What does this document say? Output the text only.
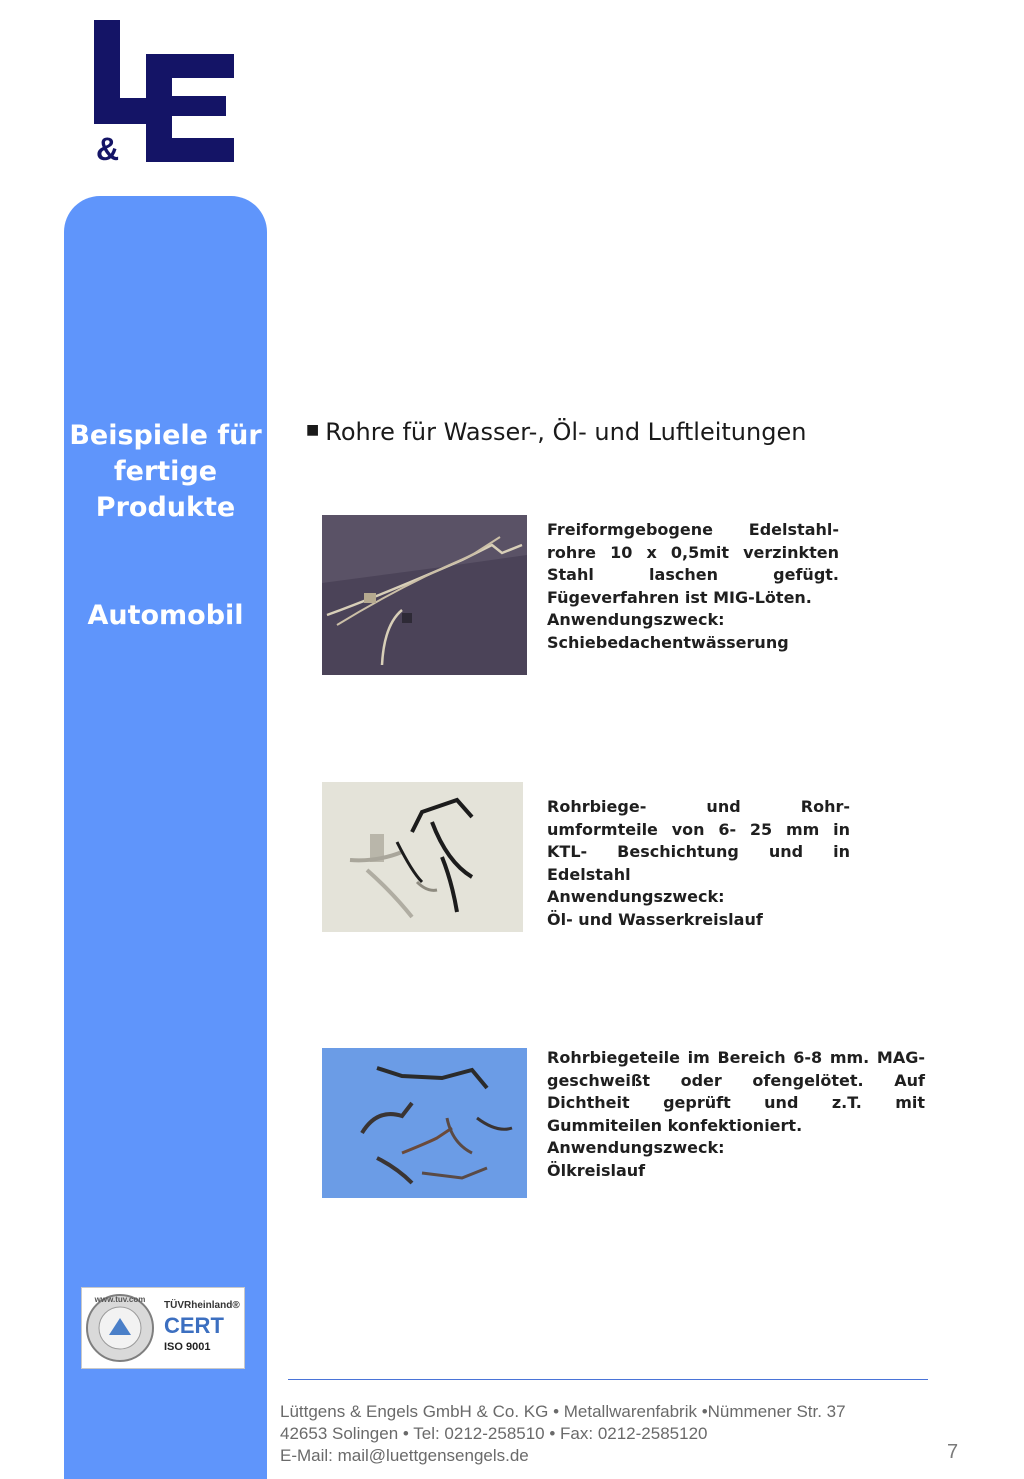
&
Beispiele für fertige Produkte
Automobil
www.tuv.com
TÜVRheinland®
CERT
ISO 9001
■ Rohre für Wasser-, Öl- und Luftleitungen
Freiformgebogene Edelstahl-rohre 10 x 0,5mit verzinkten Stahl laschen gefügt. Fügeverfahren ist MIG-Löten.
Anwendungszweck:
Schiebedachentwässerung
Rohrbiege- und Rohr-umformteile von 6- 25 mm in KTL- Beschichtung und in Edelstahl
Anwendungszweck:
Öl- und Wasserkreislauf
Rohrbiegeteile im Bereich 6-8 mm. MAG-geschweißt oder ofengelötet. Auf Dichtheit geprüft und z.T. mit Gummiteilen konfektioniert.
Anwendungszweck:
Ölkreislauf
Lüttgens & Engels GmbH & Co. KG • Metallwarenfabrik •Nümmener Str. 37
42653 Solingen • Tel: 0212-258510 • Fax: 0212-2585120
E-Mail: mail@luettgensengels.de	7
